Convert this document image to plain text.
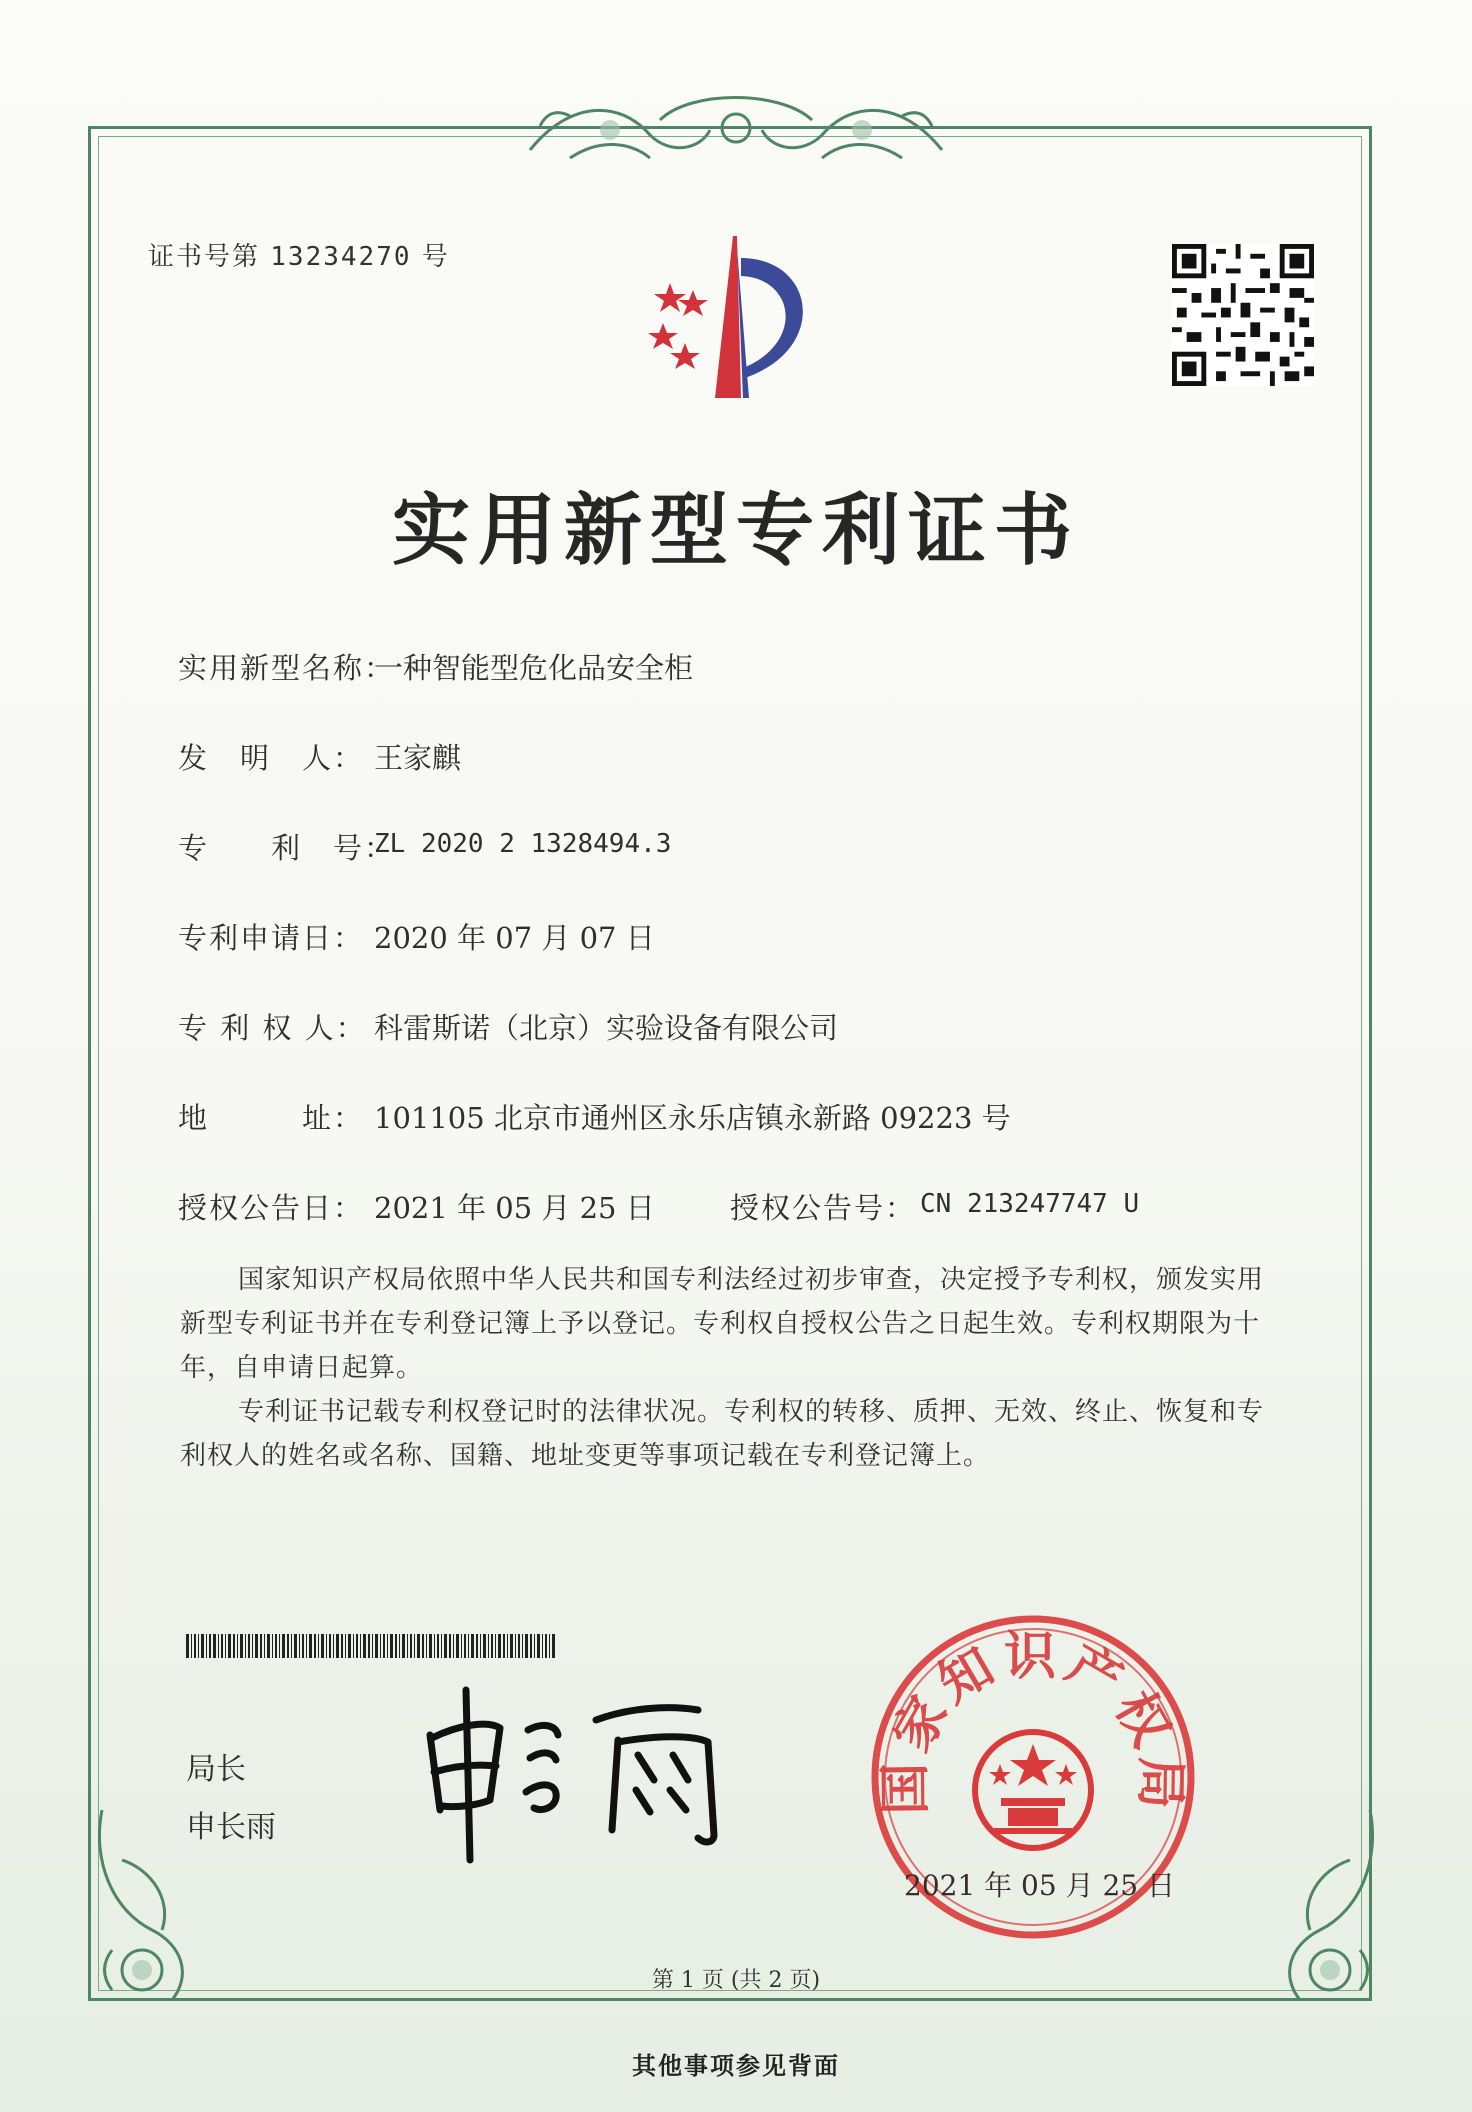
证书号第 13234270 号
实用新型专利证书
实用新型名称：
一种智能型危化品安全柜
发　明　人： 王家麒
专　　利　号：
ZL 2020 2 1328494.3
专利申请日： 2020 年 07 月 07 日
专 利 权 人： 科雷斯诺（北京）实验设备有限公司
地　　　址： 101105 北京市通州区永乐店镇永新路 09223 号
授权公告日： 2021 年 05 月 25 日	授权公告号： CN 213247747 U
国家知识产权局依照中华人民共和国专利法经过初步审查，决定授予专利权，颁发实用新型专利证书并在专利登记簿上予以登记。专利权自授权公告之日起生效。专利权期限为十年，自申请日起算。
专利证书记载专利权登记时的法律状况。专利权的转移、质押、无效、终止、恢复和专利权人的姓名或名称、国籍、地址变更等事项记载在专利登记簿上。
局长
申长雨
国家知识产权局
2021 年 05 月 25 日
第 1 页 (共 2 页)
其他事项参见背面
